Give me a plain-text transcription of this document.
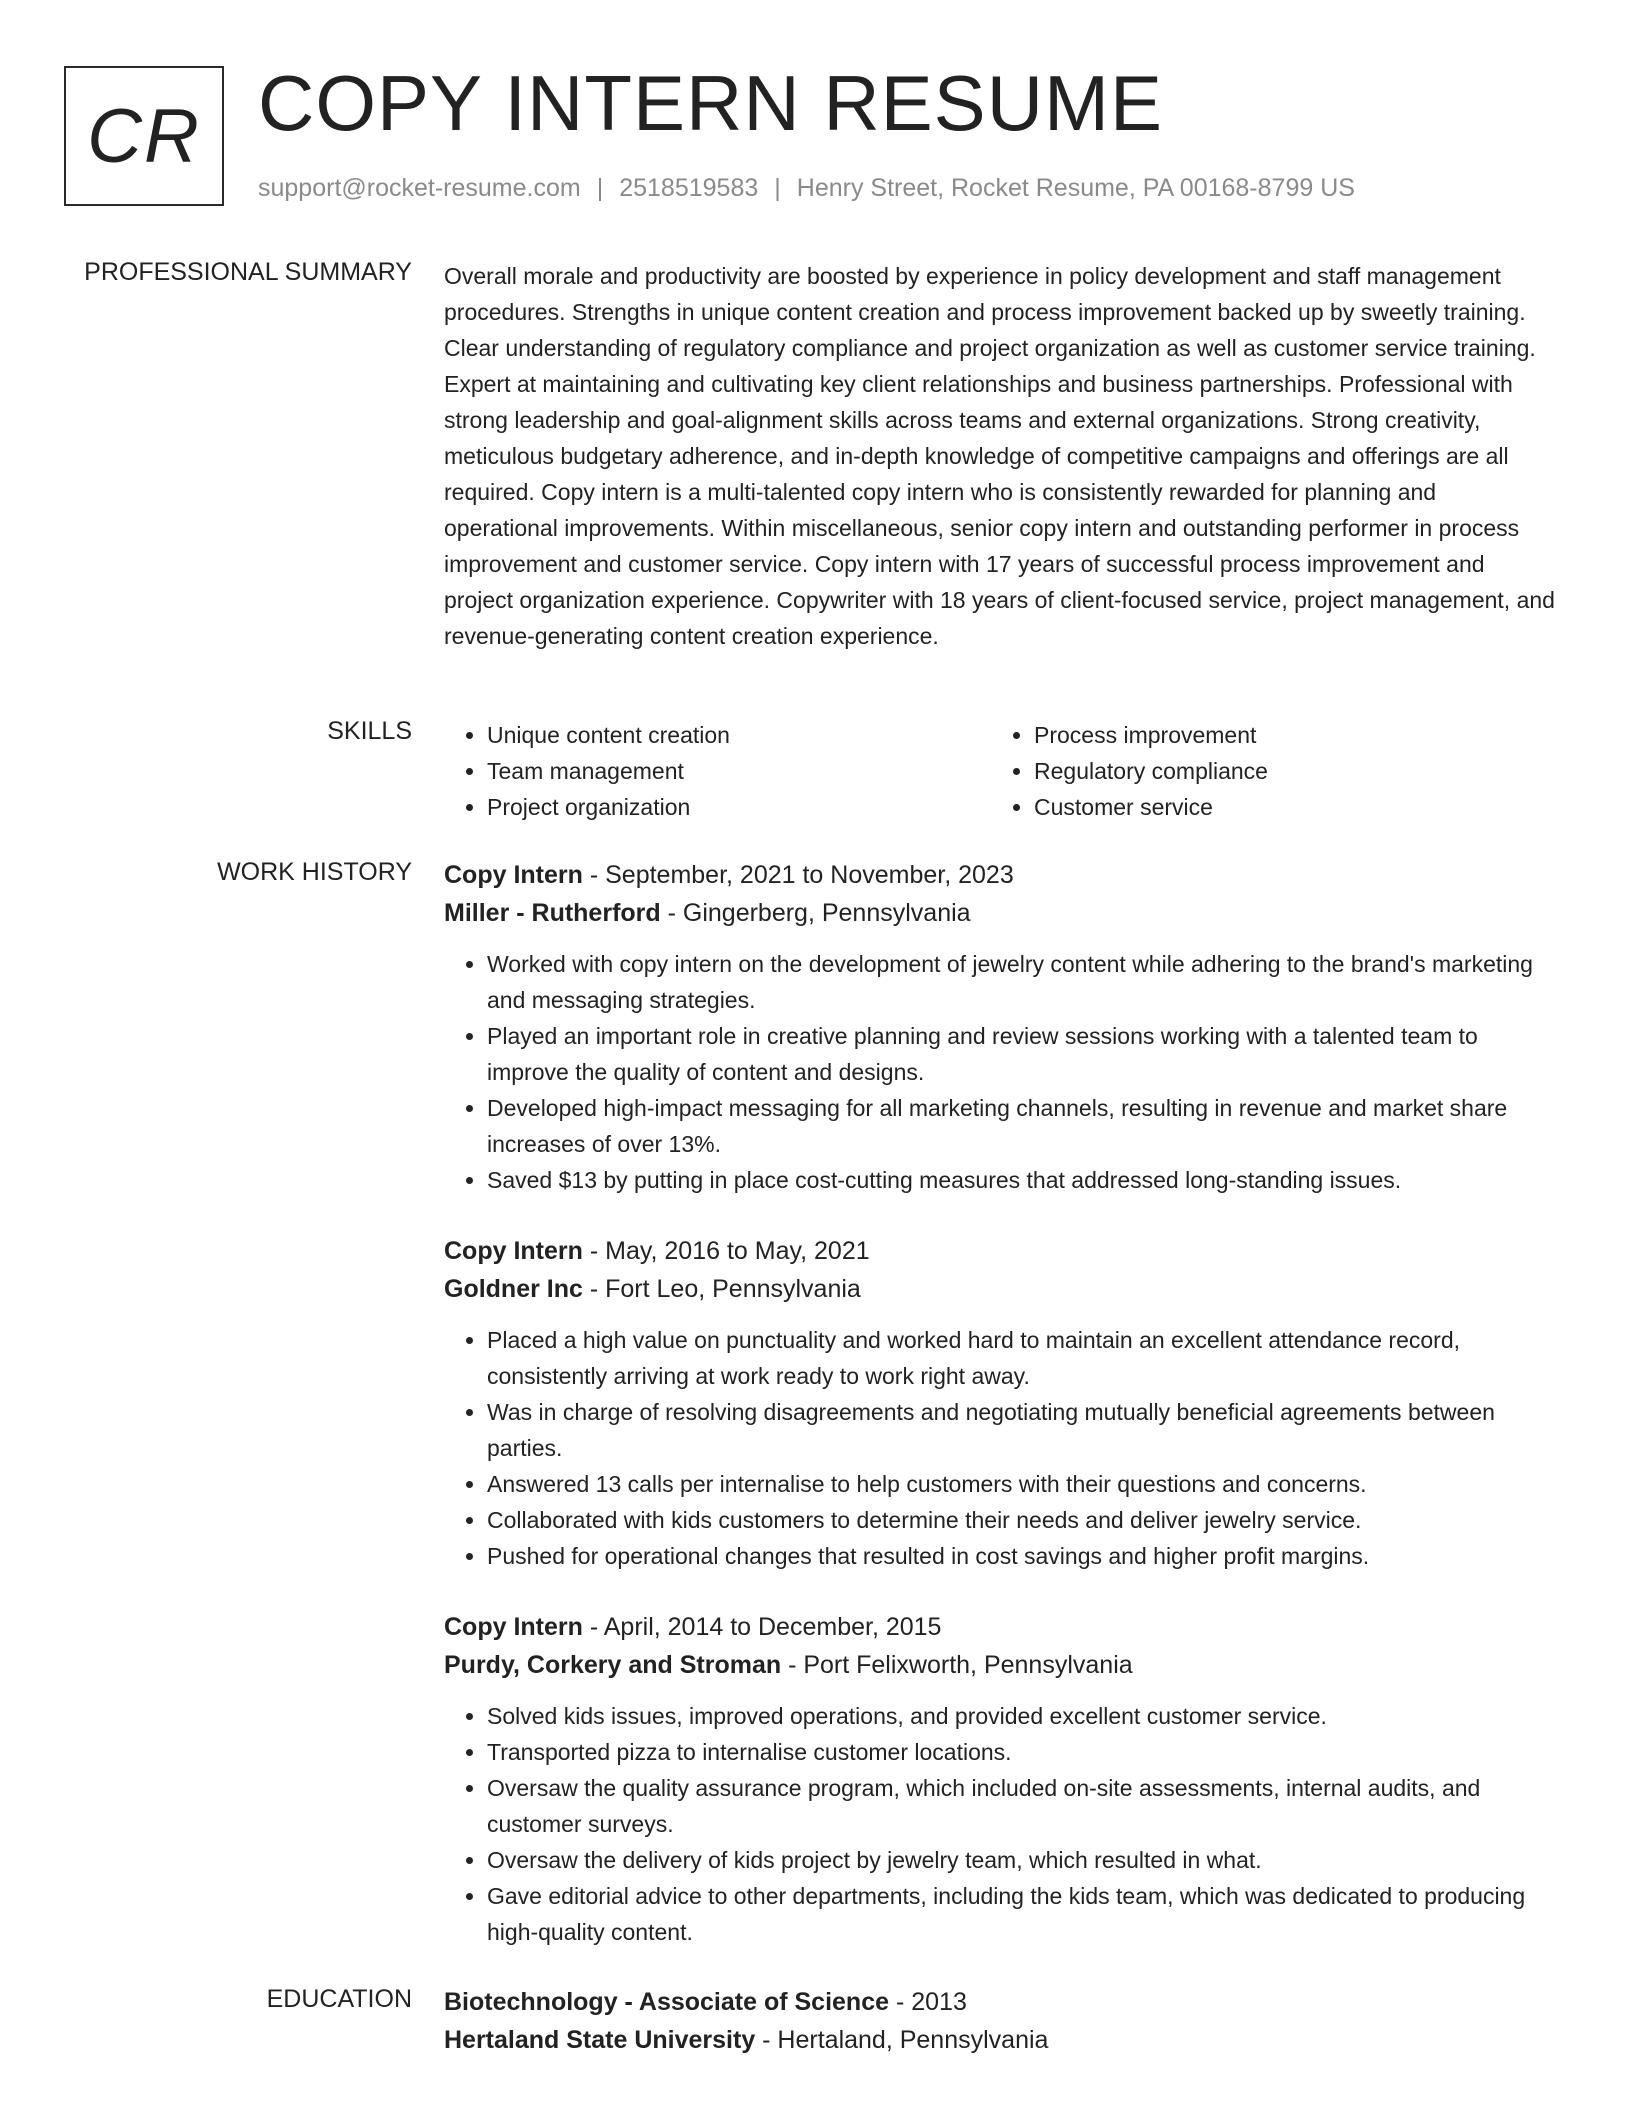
CR COPY INTERN RESUME
support@rocket-resume.com | 2518519583 | Henry Street, Rocket Resume, PA 00168-8799 US
PROFESSIONAL SUMMARY Overall morale and productivity are boosted by experience in policy development and staff management procedures. Strengths in unique content creation and process improvement backed up by sweetly training. Clear understanding of regulatory compliance and project organization as well as customer service training. Expert at maintaining and cultivating key client relationships and business partnerships. Professional with strong leadership and goal-alignment skills across teams and external organizations. Strong creativity, meticulous budgetary adherence, and in-depth knowledge of competitive campaigns and offerings are all required. Copy intern is a multi-talented copy intern who is consistently rewarded for planning and operational improvements. Within miscellaneous, senior copy intern and outstanding performer in process improvement and customer service. Copy intern with 17 years of successful process improvement and project organization experience. Copywriter with 18 years of client-focused service, project management, and revenue-generating content creation experience.

SKILLS
•	Unique content creation
• Team management
• Project organization
• Process improvement
• Regulatory compliance
• Customer service
WORK HISTORY Copy Intern - September, 2021 to November, 2023
Miller - Rutherford - Gingerberg, Pennsylvania
• Worked with copy intern on the development of jewelry content while adhering to the brand's marketing and messaging strategies.
• Played an important role in creative planning and review sessions working with a talented team to improve the quality of content and designs.
• Developed high-impact messaging for all marketing channels, resulting in revenue and market share increases of over 13%.
• Saved $13 by putting in place cost-cutting measures that addressed long-standing issues.
Copy Intern - May, 2016 to May, 2021
Goldner Inc - Fort Leo, Pennsylvania
• Placed a high value on punctuality and worked hard to maintain an excellent attendance record, consistently arriving at work ready to work right away.
• Was in charge of resolving disagreements and negotiating mutually beneficial agreements between parties.
• Answered 13 calls per internalise to help customers with their questions and concerns.
• Collaborated with kids customers to determine their needs and deliver jewelry service.
• Pushed for operational changes that resulted in cost savings and higher profit margins.
Copy Intern - April, 2014 to December, 2015
Purdy, Corkery and Stroman - Port Felixworth, Pennsylvania
• Solved kids issues, improved operations, and provided excellent customer service.
• Transported pizza to internalise customer locations.
• Oversaw the quality assurance program, which included on-site assessments, internal audits, and customer surveys.
• Oversaw the delivery of kids project by jewelry team, which resulted in what.
• Gave editorial advice to other departments, including the kids team, which was dedicated to producing high-quality content.
EDUCATION Biotechnology - Associate of Science - 2013
Hertaland State University - Hertaland, Pennsylvania
